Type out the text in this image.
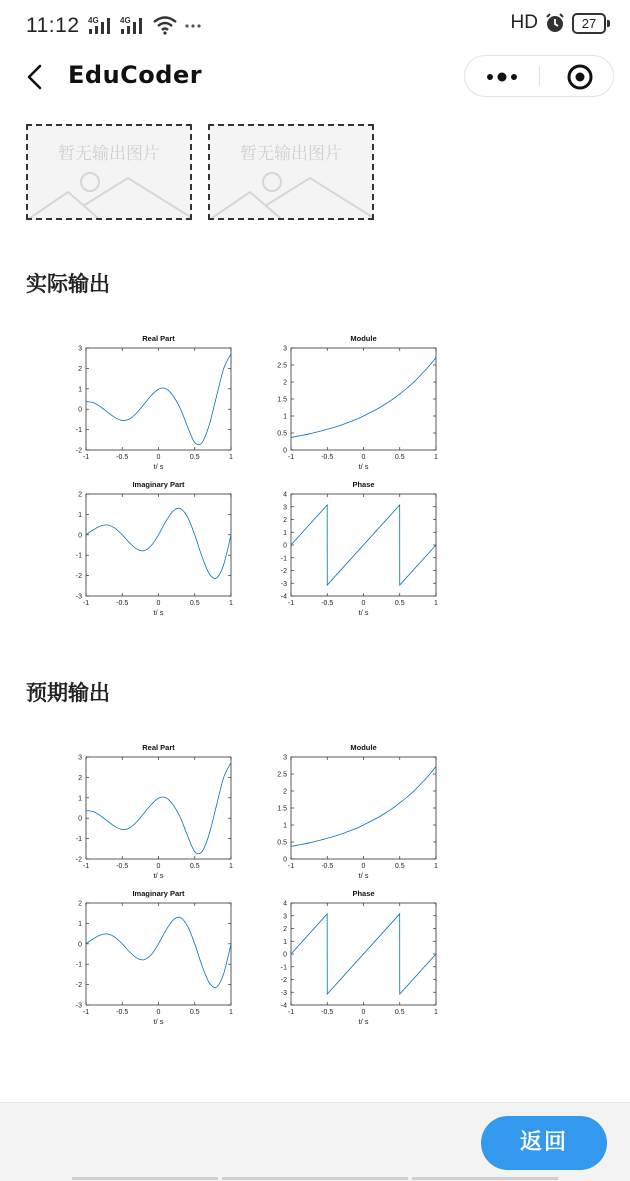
11:12 4G	4G	HD	27
EduCoder
暂无输出图片	暂无输出图片
实际输出
Real Part
-1	-0.5	0	0.5	1
-2
-1
0
1
2
3
t/ s
Module
-1	-0.5	0	0.5	1
0
0.5
1
1.5
2
2.5
3
t/ s
Imaginary Part
-1	-0.5	0	0.5	1
-3
-2
-1
0
1
2
t/ s
Phase
-1	-0.5	0	0.5	1
-4
-3
-2
-1
0
1
2
3
4
t/ s
预期输出
Real Part
-1	-0.5	0	0.5	1
-2
-1
0
1
2
3
t/ s
Module
-1	-0.5	0	0.5	1
0
0.5
1
1.5
2
2.5
3
t/ s
Imaginary Part
-1	-0.5	0	0.5	1
-3
-2
-1
0
1
2
t/ s
Phase
-1	-0.5	0	0.5	1
-4
-3
-2
-1
0
1
2
3
4
t/ s
返回
